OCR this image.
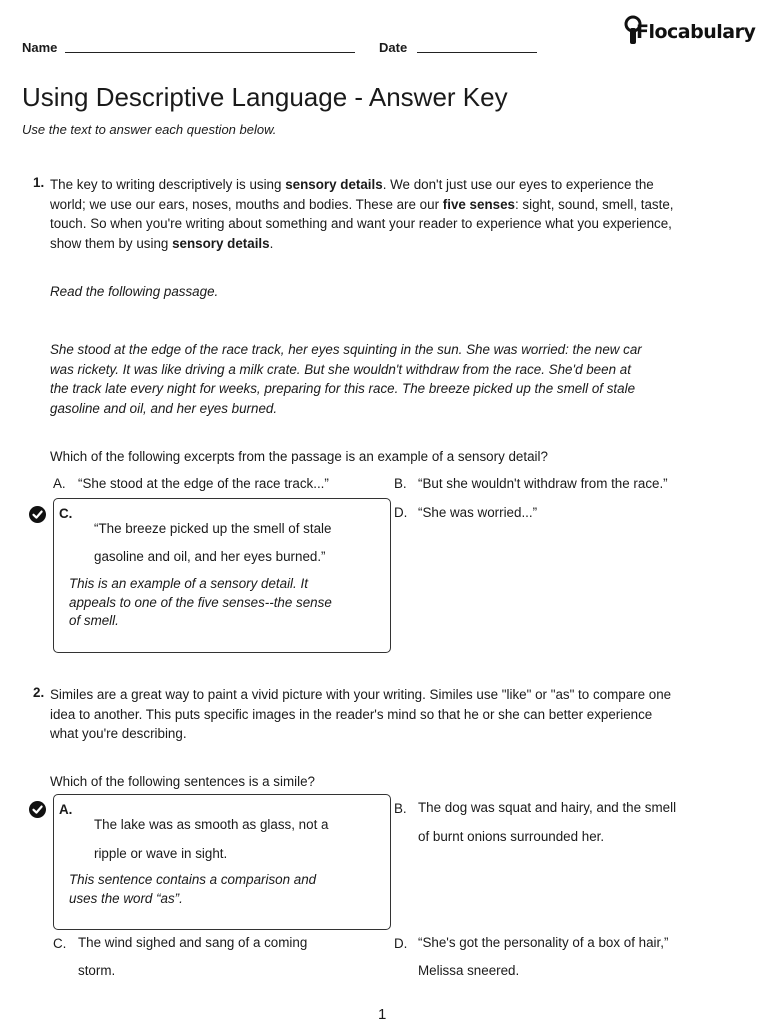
Name	Date
Flocabulary
Using Descriptive Language - Answer Key
Use the text to answer each question below.
1. The key to writing descriptively is using sensory details. We don't just use our eyes to experience the
world; we use our ears, noses, mouths and bodies. These are our five senses: sight, sound, smell, taste,
touch. So when you're writing about something and want your reader to experience what you experience,
show them by using sensory details.
Read the following passage.
She stood at the edge of the race track, her eyes squinting in the sun. She was worried: the new car
was rickety. It was like driving a milk crate. But she wouldn't withdraw from the race. She'd been at
the track late every night for weeks, preparing for this race. The breeze picked up the smell of stale
gasoline and oil, and her eyes burned.
Which of the following excerpts from the passage is an example of a sensory detail?
A. “She stood at the edge of the race track...”	B. “But she wouldn't withdraw from the race.”
C.
“The breeze picked up the smell of stale
gasoline and oil, and her eyes burned.”
This is an example of a sensory detail. It
appeals to one of the five senses--the sense
of smell.
D. “She was worried...”
2. Similes are a great way to paint a vivid picture with your writing. Similes use "like" or "as" to compare one
idea to another. This puts specific images in the reader's mind so that he or she can better experience
what you're describing.
Which of the following sentences is a simile?
A.
The lake was as smooth as glass, not a
ripple or wave in sight.
This sentence contains a comparison and
uses the word “as”.
B. The dog was squat and hairy, and the smell
of burnt onions surrounded her.
C. The wind sighed and sang of a coming
storm.
D. “She's got the personality of a box of hair,”
Melissa sneered.
1
